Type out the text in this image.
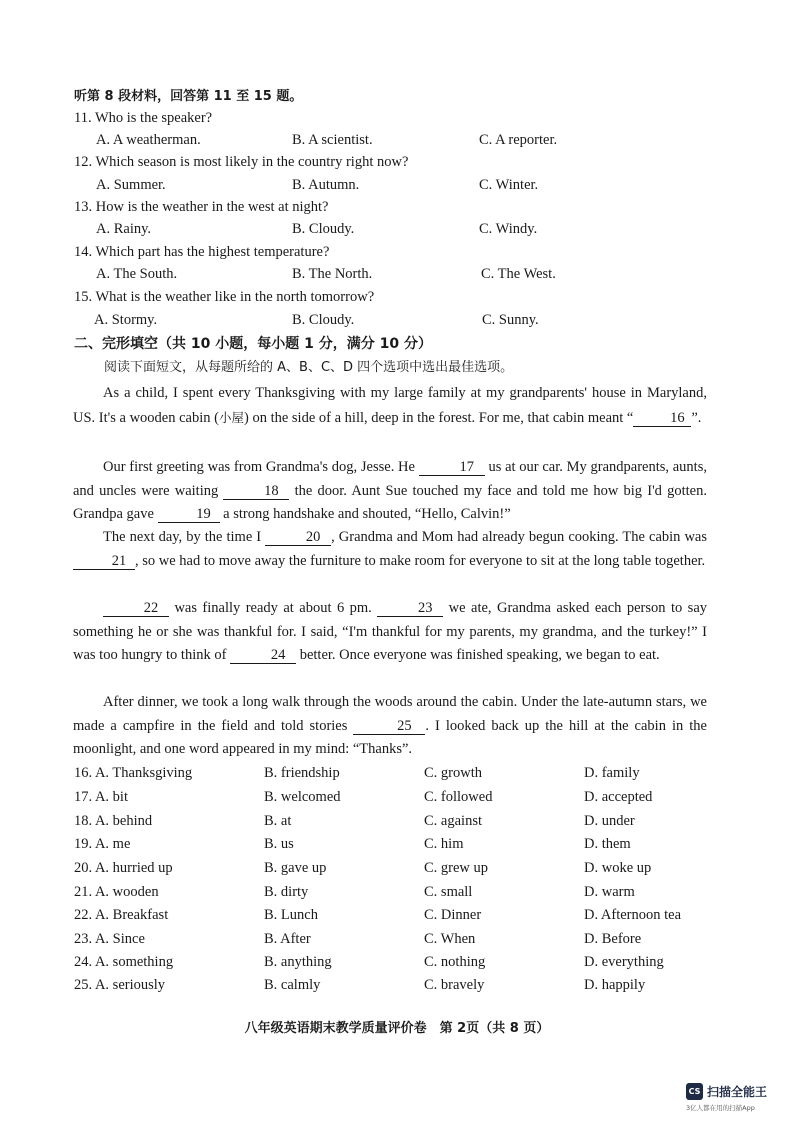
听第 8 段材料，回答第 11 至 15 题。
11. Who is the speaker?
A. A weatherman.	B. A scientist.	C. A reporter.
12. Which season is most likely in the country right now?
A. Summer.	B. Autumn.	C. Winter.
13. How is the weather in the west at night?
A. Rainy.	B. Cloudy.	C. Windy.
14. Which part has the highest temperature?
A. The South.	B. The North.	C. The West.
15. What is the weather like in the north tomorrow?
A. Stormy.	B. Cloudy.	C. Sunny.
二、完形填空（共 10 小题，每小题 1 分，满分 10 分）
阅读下面短文，从每题所给的 A、B、C、D 四个选项中选出最佳选项。
As a child, I spent every Thanksgiving with my large family at my grandparents' house in Maryland, US. It's a wooden cabin (小屋) on the side of a hill, deep in the forest. For me, that cabin meant “	16 ”.
Our first greeting was from Grandma's dog, Jesse. He	17 us at our car. My grandparents, aunts, and uncles were waiting	18 the door. Aunt Sue touched my face and told me how big I'd gotten. Grandpa gave	19 a strong handshake and shouted, “Hello, Calvin!”
The next day, by the time I	20 , Grandma and Mom had already begun cooking. The cabin was 21 , so we had to move away the furniture to make room for everyone to sit at the long table together.
22 was finally ready at about 6 pm.	23 we ate, Grandma asked each person to say something he or she was thankful for. I said, “I'm thankful for my parents, my grandma, and the turkey!” I was too hungry to think of	24 better. Once everyone was finished speaking, we began to eat.
After dinner, we took a long walk through the woods around the cabin. Under the late-autumn stars, we made a campfire in the field and told stories	25 . I looked back up the hill at the cabin in the moonlight, and one word appeared in my mind: “Thanks”.
16. A. Thanksgiving	B. friendship	C. growth	D. family
17. A. bit	B. welcomed	C. followed	D. accepted
18. A. behind	B. at	C. against	D. under
19. A. me	B. us	C. him	D. them
20. A. hurried up	B. gave up	C. grew up	D. woke up
21. A. wooden	B. dirty	C. small	D. warm
22. A. Breakfast	B. Lunch	C. Dinner	D. Afternoon tea
23. A. Since	B. After	C. When	D. Before
24. A. something	B. anything	C. nothing	D. everything
25. A. seriously	B. calmly	C. bravely	D. happily
八年级英语期末教学质量评价卷　第 2页（共 8 页）
CS 扫描全能王
3亿人都在用的扫描App
